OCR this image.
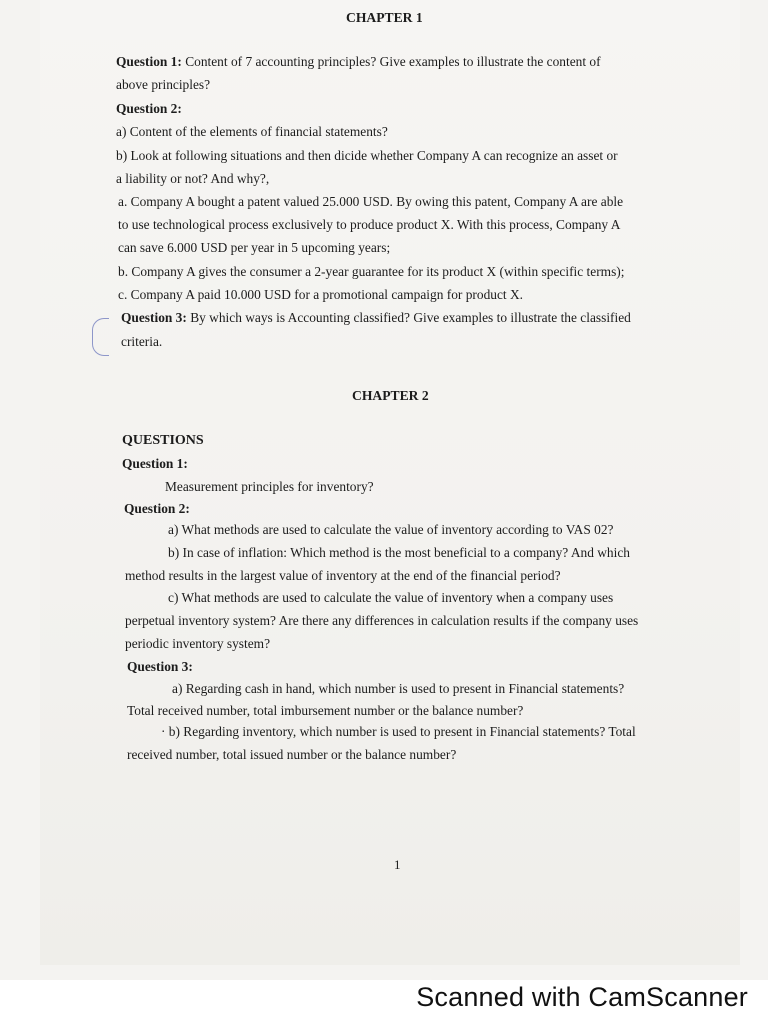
CHAPTER 1
Question 1: Content of 7 accounting principles? Give examples to illustrate the content of
above principles?
Question 2:
a) Content of the elements of financial statements?
b) Look at following situations and then dicide whether Company A can recognize an asset or
a liability or not? And why?,
a. Company A bought a patent valued 25.000 USD. By owing this patent, Company A are able
to use technological process exclusively to produce product X. With this process, Company A
can save 6.000 USD per year in 5 upcoming years;
b. Company A gives the consumer a 2-year guarantee for its product X (within specific terms);
c. Company A paid 10.000 USD for a promotional campaign for product X.
Question 3: By which ways is Accounting classified? Give examples to illustrate the classified
criteria.
CHAPTER 2
QUESTIONS
Question 1:
Measurement principles for inventory?
Question 2:
a) What methods are used to calculate the value of inventory according to VAS 02?
b) In case of inflation: Which method is the most beneficial to a company? And which
method results in the largest value of inventory at the end of the financial period?
c) What methods are used to calculate the value of inventory when a company uses
perpetual inventory system? Are there any differences in calculation results if the company uses
periodic inventory system?
Question 3:
a) Regarding cash in hand, which number is used to present in Financial statements?
Total received number, total imbursement number or the balance number?
· b) Regarding inventory, which number is used to present in Financial statements? Total
received number, total issued number or the balance number?
1
Scanned with CamScanner
